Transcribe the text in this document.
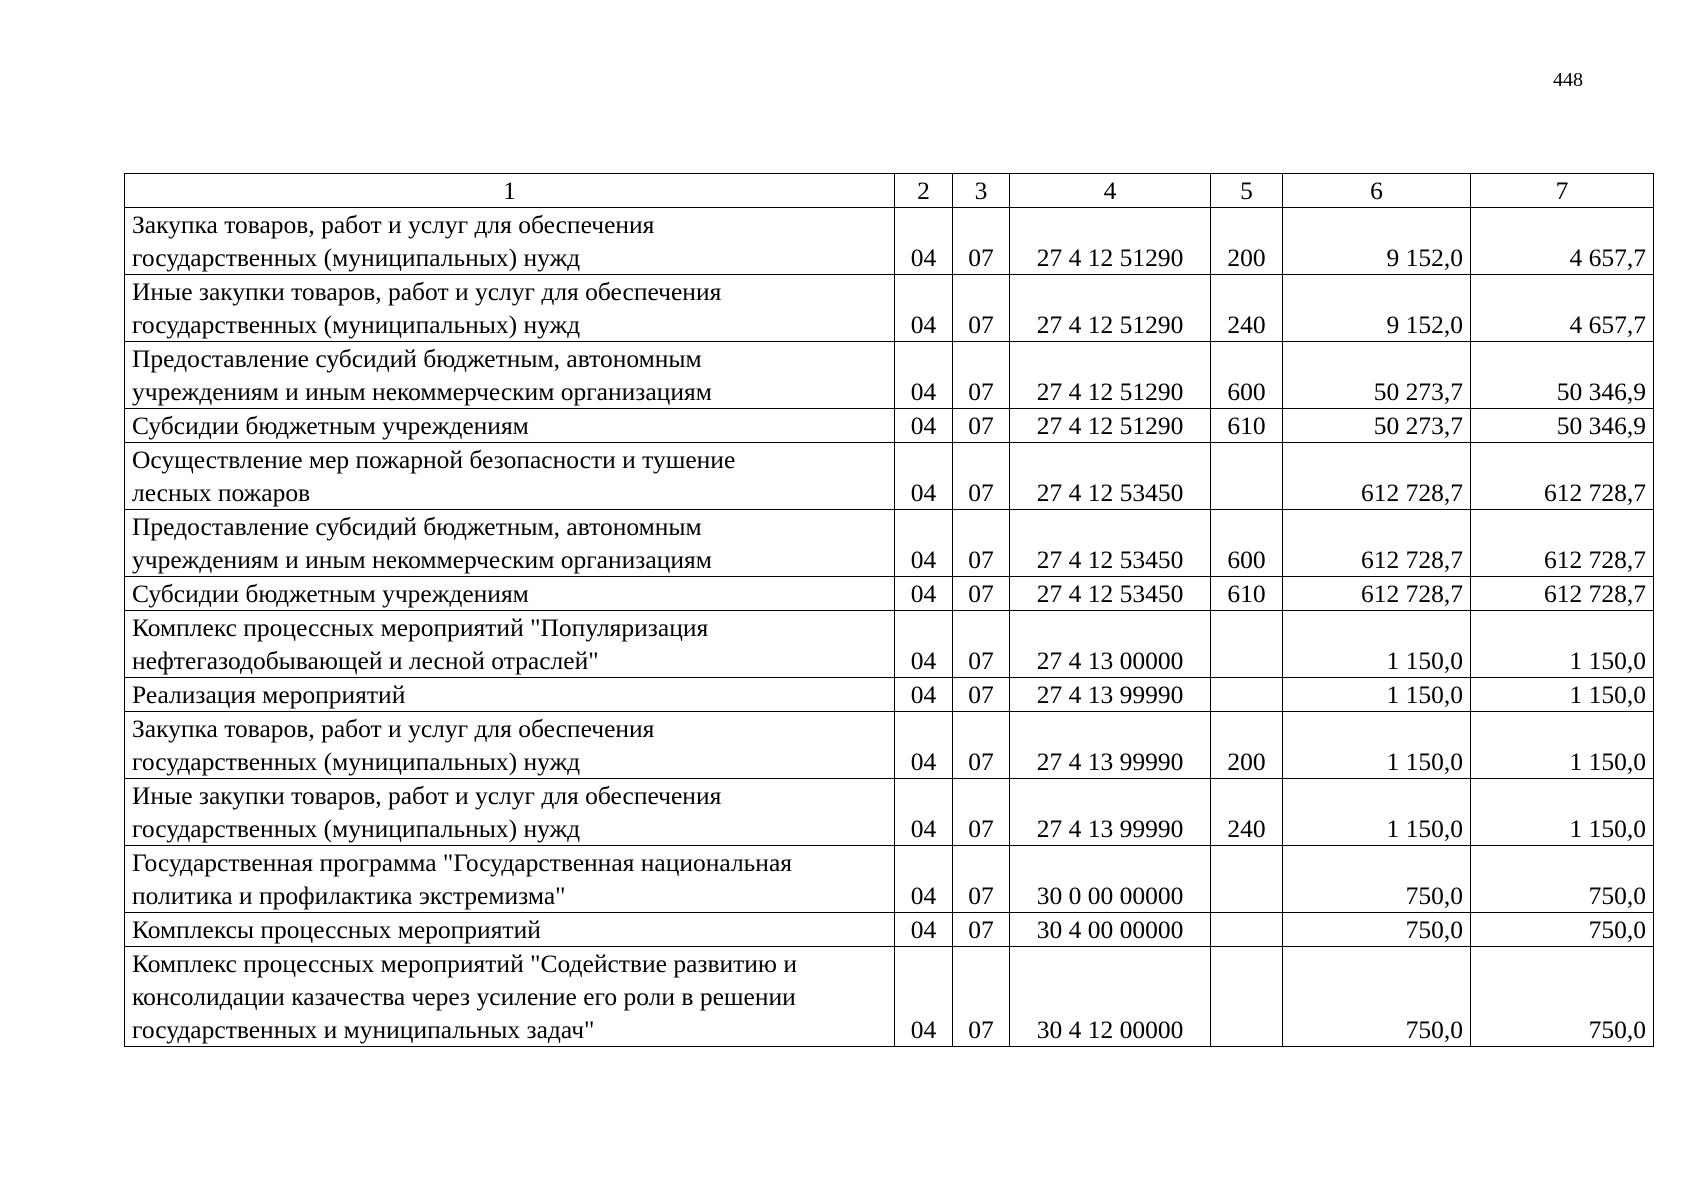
448
1	2	3	4	5	6	7

Закупка товаров, работ и услуг для обеспечения
государственных (муниципальных) нужд	04	07	27 4 12 51290	200	9 152,0	4 657,7

Иные закупки товаров, работ и услуг для обеспечения
государственных (муниципальных) нужд	04	07	27 4 12 51290	240	9 152,0	4 657,7

Предоставление субсидий бюджетным, автономным
учреждениям и иным некоммерческим организациям	04	07	27 4 12 51290	600	50 273,7	50 346,9
Субсидии бюджетным учреждениям	04	07	27 4 12 51290	610	50 273,7	50 346,9

Осуществление мер пожарной безопасности и тушение
лесных пожаров	04	07	27 4 12 53450		612 728,7	612 728,7

Предоставление субсидий бюджетным, автономным
учреждениям и иным некоммерческим организациям	04	07	27 4 12 53450	600	612 728,7	612 728,7
Субсидии бюджетным учреждениям	04	07	27 4 12 53450	610	612 728,7	612 728,7

Комплекс процессных мероприятий "Популяризация
нефтегазодобывающей и лесной отраслей"	04	07	27 4 13 00000		1 150,0	1 150,0
Реализация мероприятий	04	07	27 4 13 99990		1 150,0	1 150,0

Закупка товаров, работ и услуг для обеспечения
государственных (муниципальных) нужд	04	07	27 4 13 99990	200	1 150,0	1 150,0

Иные закупки товаров, работ и услуг для обеспечения
государственных (муниципальных) нужд	04	07	27 4 13 99990	240	1 150,0	1 150,0

Государственная программа "Государственная национальная
политика и профилактика экстремизма"	04	07	30 0 00 00000		750,0	750,0
Комплексы процессных мероприятий	04	07	30 4 00 00000		750,0	750,0

Комплекс процессных мероприятий "Содействие развитию и
консолидации казачества через усиление его роли в решении
государственных и муниципальных задач"	04	07	30 4 12 00000		750,0	750,0
